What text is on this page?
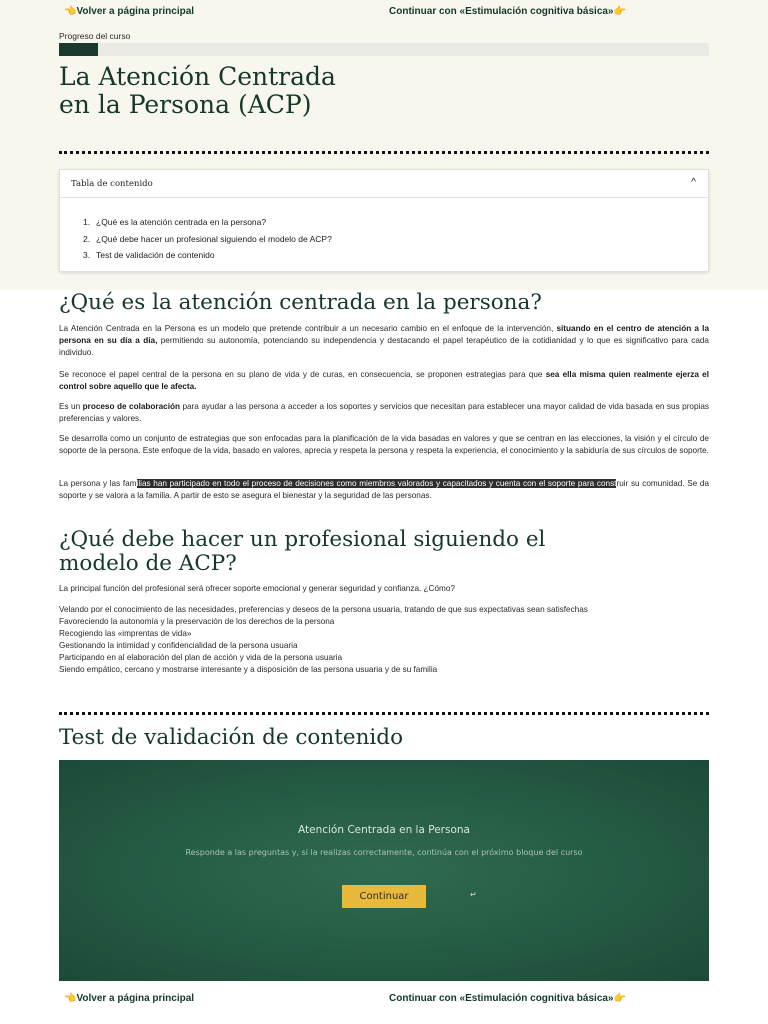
👈Volver a página principal	Continuar con «Estimulación cognitiva básica»👉
Progreso del curso
La Atención Centrada
en la Persona (ACP)
Tabla de contenido	^
1. ¿Qué es la atención centrada en la persona?
2. ¿Qué debe hacer un profesional siguiendo el modelo de ACP?
3. Test de validación de contenido
¿Qué es la atención centrada en la persona?

La Atención Centrada en la Persona es un modelo que pretende contribuir a un necesario cambio en el enfoque de la intervención, situando en el centro de atención a la persona en su día a día, permitiendo su autonomía, potenciando su independencia y destacando el papel terapéutico de la cotidianidad y lo que es significativo para cada individuo.

Se reconoce el papel central de la persona en su plano de vida y de curas, en consecuencia, se proponen estrategias para que sea ella misma quien realmente ejerza el control sobre aquello que le afecta.

Es un proceso de colaboración para ayudar a las persona a acceder a los soportes y servicios que necesitan para establecer una mayor calidad de vida basada en sus propias preferencias y valores.

Se desarrolla como un conjunto de estrategias que son enfocadas para la planificación de la vida basadas en valores y que se centran en las elecciones, la visión y el círculo de soporte de la persona. Este enfoque de la vida, basado en valores, aprecia y respeta la persona y respeta la experiencia, el conocimiento y la sabiduría de sus círculos de soporte.

La persona y las familias han participado en todo el proceso de decisiones como miembros valorados y capacitados y cuenta con el soporte para construir su comunidad. Se da soporte y se valora a la familia. A partir de esto se asegura el bienestar y la seguridad de las personas.

¿Qué debe hacer un profesional siguiendo el
modelo de ACP?

La principal función del profesional será ofrecer soporte emocional y generar seguridad y confianza. ¿Cómo?

Velando por el conocimiento de las necesidades, preferencias y deseos de la persona usuaria, tratando de que sus expectativas sean satisfechas
Favoreciendo la autonomía y la preservación de los derechos de la persona
Recogiendo las «imprentas de vida»
Gestionando la intimidad y confidencialidad de la persona usuaria
Participando en al elaboración del plan de acción y vida de la persona usuaria
Siendo empático, cercano y mostrarse interesante y a disposición de las persona usuaria y de su familia
Test de validación de contenido
Atención Centrada en la Persona
Responde a las preguntas y, si la realizas correctamente, continúa con el próximo bloque del curso
Continuar	↵
👈Volver a página principal	Continuar con «Estimulación cognitiva básica»👉
